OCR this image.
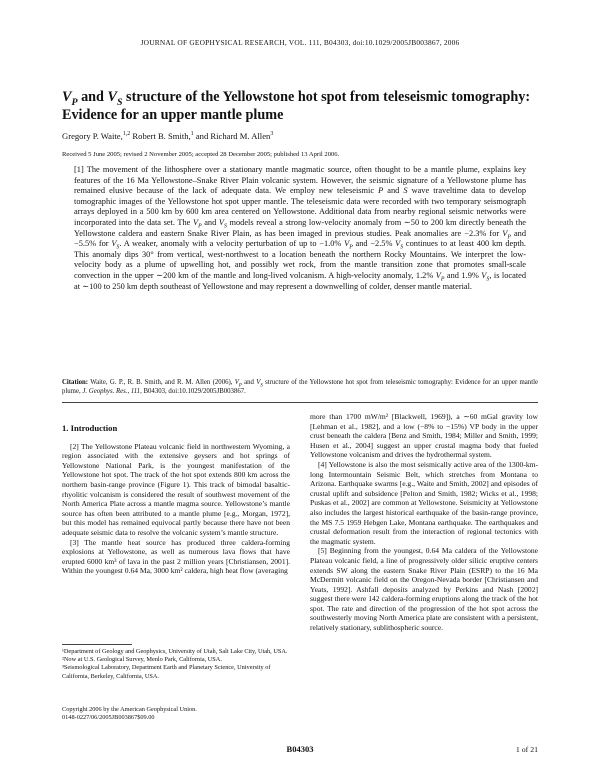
JOURNAL OF GEOPHYSICAL RESEARCH, VOL. 111, B04303, doi:10.1029/2005JB003867, 2006
$V_P$ and $V_S$ structure of the Yellowstone hot spot from teleseismic tomography: Evidence for an upper mantle plume
Gregory P. Waite,$^{1,2}$ Robert B. Smith,$^1$ and Richard M. Allen$^3$
Received 5 June 2005; revised 2 November 2005; accepted 28 December 2005; published 13 April 2006.
[1] The movement of the lithosphere over a stationary mantle magmatic source, often thought to be a mantle plume, explains key features of the 16 Ma Yellowstone–Snake River Plain volcanic system. However, the seismic signature of a Yellowstone plume has remained elusive because of the lack of adequate data. We employ new teleseismic P and S wave traveltime data to develop tomographic images of the Yellowstone hot spot upper mantle. The teleseismic data were recorded with two temporary seismograph arrays deployed in a 500 km by 600 km area centered on Yellowstone. Additional data from nearby regional seismic networks were incorporated into the data set. The $V_P$ and $V_S$ models reveal a strong low-velocity anomaly from ∼50 to 200 km directly beneath the Yellowstone caldera and eastern Snake River Plain, as has been imaged in previous studies. Peak anomalies are −2.3% for $V_P$ and −5.5% for $V_S$. A weaker, anomaly with a velocity perturbation of up to −1.0% $V_P$ and −2.5% $V_S$ continues to at least 400 km depth. This anomaly dips 30° from vertical, west-northwest to a location beneath the northern Rocky Mountains. We interpret the low-velocity body as a plume of upwelling hot, and possibly wet rock, from the mantle transition zone that promotes small-scale convection in the upper ∼200 km of the mantle and long-lived volcanism. A high-velocity anomaly, 1.2% $V_P$ and 1.9% $V_S$, is located at ∼100 to 250 km depth southeast of Yellowstone and may represent a downwelling of colder, denser mantle material.
Citation: Waite, G. P., R. B. Smith, and R. M. Allen (2006), $V_P$ and $V_S$ structure of the Yellowstone hot spot from teleseismic tomography: Evidence for an upper mantle plume, J. Geophys. Res., 111, B04303, doi:10.1029/2005JB003867.
1. Introduction

[2] The Yellowstone Plateau volcanic field in northwestern Wyoming, a region associated with the extensive geysers and hot springs of Yellowstone National Park, is the youngest manifestation of the Yellowstone hot spot. The track of the hot spot extends 800 km across the northern basin-range province (Figure 1). This track of bimodal basaltic-rhyolitic volcanism is considered the result of southwest movement of the North America Plate across a mantle magma source. Yellowstone’s mantle source has often been attributed to a mantle plume [e.g., Morgan, 1972], but this model has remained equivocal partly because there have not been adequate seismic data to resolve the volcanic system’s mantle structure.

[3] The mantle heat source has produced three caldera-forming explosions at Yellowstone, as well as numerous lava flows that have erupted 6000 km³ of lava in the past 2 million years [Christiansen, 2001]. Within the youngest 0.64 Ma, 3000 km² caldera, high heat flow (averaging

¹Department of Geology and Geophysics, University of Utah, Salt Lake City, Utah, USA.
²Now at U.S. Geological Survey, Menlo Park, California, USA.
³Seismological Laboratory, Department Earth and Planetary Science, University of California, Berkeley, California, USA.
Copyright 2006 by the American Geophysical Union.
0148-0227/06/2005JB003867$09.00

more than 1700 mW/m² [Blackwell, 1969]), a ∼60 mGal gravity low [Lehman et al., 1982], and a low (−8% to −15%) VP body in the upper crust beneath the caldera [Benz and Smith, 1984; Miller and Smith, 1999; Husen et al., 2004] suggest an upper crustal magma body that fueled Yellowstone volcanism and drives the hydrothermal system.

[4] Yellowstone is also the most seismically active area of the 1300-km-long Intermountain Seismic Belt, which stretches from Montana to Arizona. Earthquake swarms [e.g., Waite and Smith, 2002] and episodes of crustal uplift and subsidence [Pelton and Smith, 1982; Wicks et al., 1998; Puskas et al., 2002] are common at Yellowstone. Seismicity at Yellowstone also includes the largest historical earthquake of the basin-range province, the MS 7.5 1959 Hebgen Lake, Montana earthquake. The earthquakes and crustal deformation result from the interaction of regional tectonics with the magmatic system.

[5] Beginning from the youngest, 0.64 Ma caldera of the Yellowstone Plateau volcanic field, a line of progressively older silicic eruptive centers extends SW along the eastern Snake River Plain (ESRP) to the 16 Ma McDermitt volcanic field on the Oregon-Nevada border [Christiansen and Yeats, 1992]. Ashfall deposits analyzed by Perkins and Nash [2002] suggest there were 142 caldera-forming eruptions along the track of the hot spot. The rate and direction of the progression of the hot spot across the southwesterly moving North America plate are consistent with a persistent, relatively stationary, sublithospheric source.

B04303	1 of 21
